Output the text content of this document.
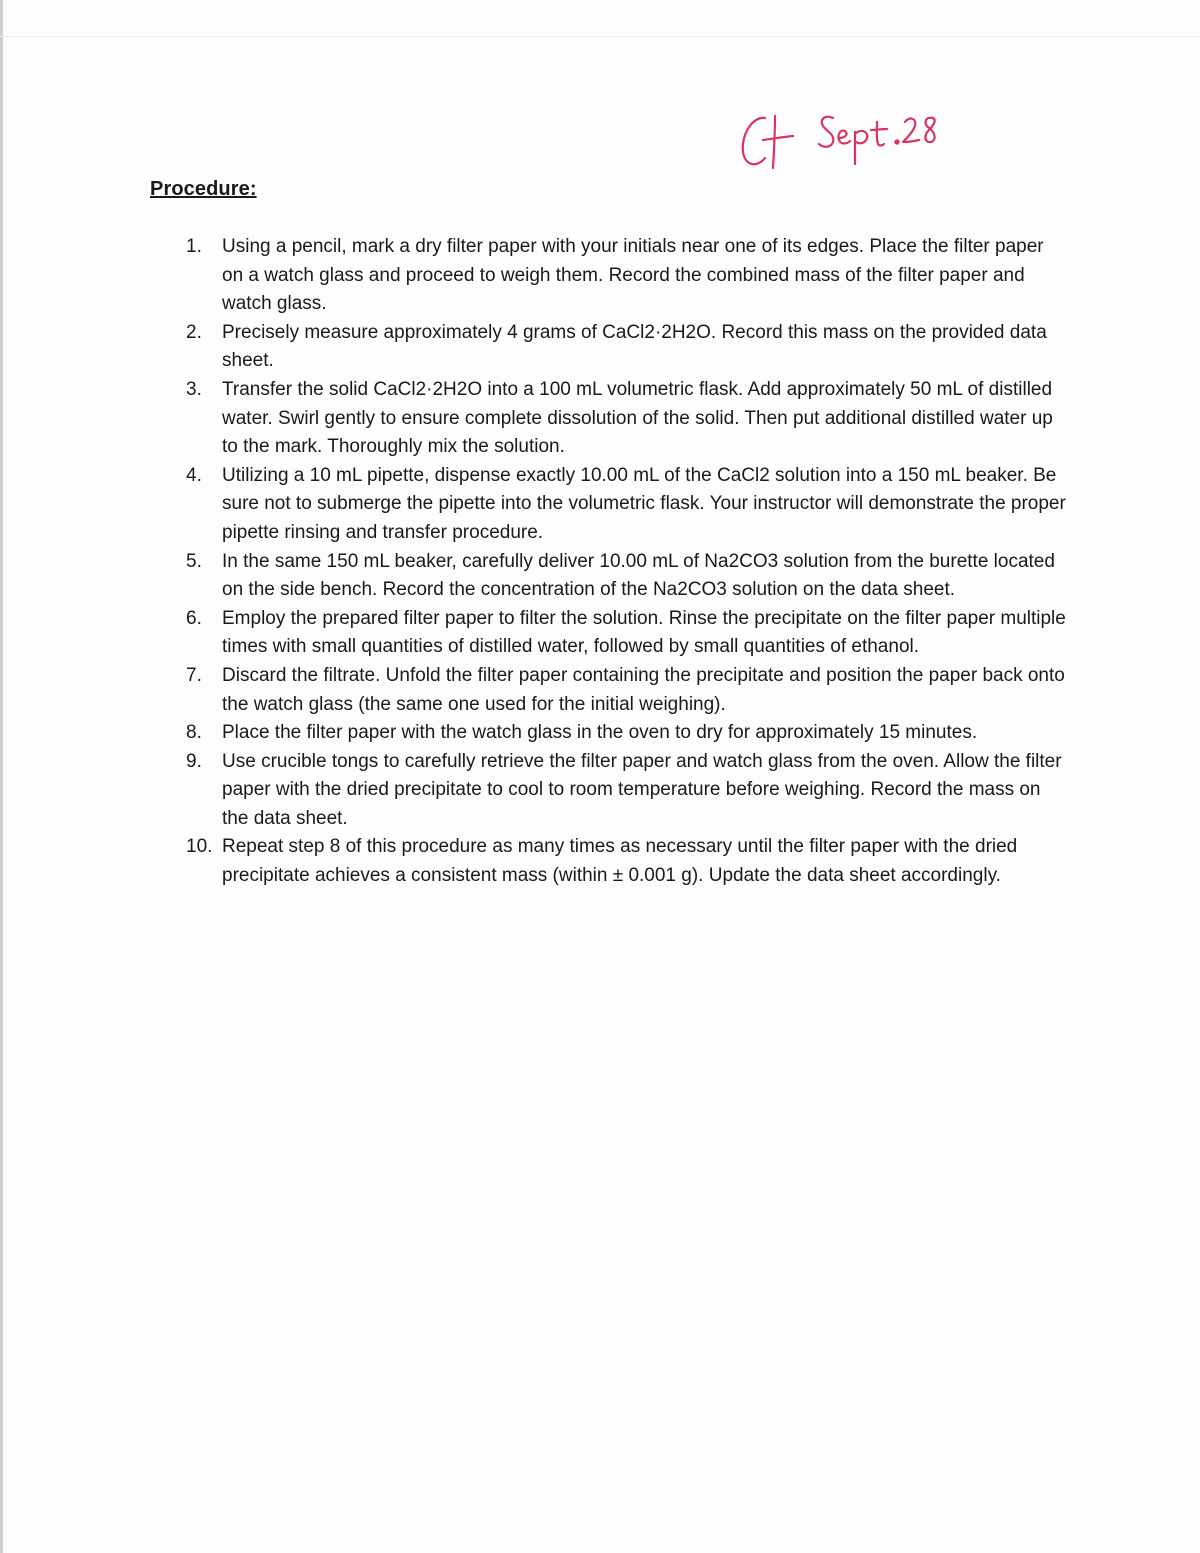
Procedure:
1.	Using a pencil, mark a dry filter paper with your initials near one of its edges. Place the filter paper on a watch glass and proceed to weigh them. Record the combined mass of the filter paper and watch glass.
2.	Precisely measure approximately 4 grams of CaCl2·2H2O. Record this mass on the provided data sheet.
3.	Transfer the solid CaCl2·2H2O into a 100 mL volumetric flask. Add approximately 50 mL of distilled water. Swirl gently to ensure complete dissolution of the solid. Then put additional distilled water up to the mark. Thoroughly mix the solution.
4.	Utilizing a 10 mL pipette, dispense exactly 10.00 mL of the CaCl2 solution into a 150 mL beaker. Be sure not to submerge the pipette into the volumetric flask. Your instructor will demonstrate the proper pipette rinsing and transfer procedure.
5.	In the same 150 mL beaker, carefully deliver 10.00 mL of Na2CO3 solution from the burette located on the side bench. Record the concentration of the Na2CO3 solution on the data sheet.
6.	Employ the prepared filter paper to filter the solution. Rinse the precipitate on the filter paper multiple times with small quantities of distilled water, followed by small quantities of ethanol.
7.	Discard the filtrate. Unfold the filter paper containing the precipitate and position the paper back onto the watch glass (the same one used for the initial weighing).
8.	Place the filter paper with the watch glass in the oven to dry for approximately 15 minutes.
9.	Use crucible tongs to carefully retrieve the filter paper and watch glass from the oven. Allow the filter paper with the dried precipitate to cool to room temperature before weighing. Record the mass on the data sheet.
10. Repeat step 8 of this procedure as many times as necessary until the filter paper with the dried precipitate achieves a consistent mass (within ± 0.001 g). Update the data sheet accordingly.
